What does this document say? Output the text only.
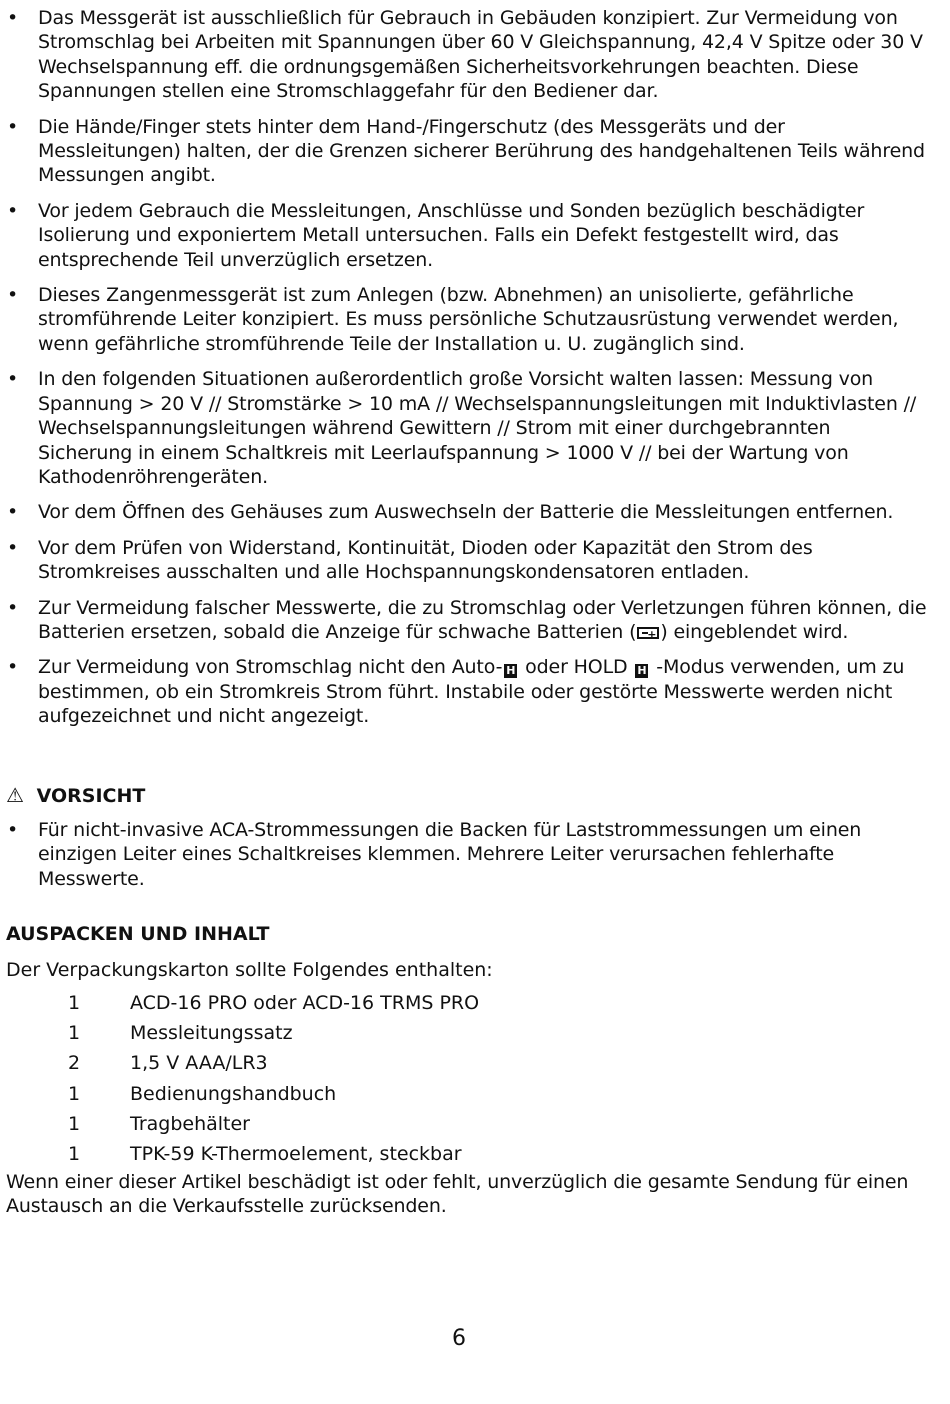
• Das Messgerät ist ausschließlich für Gebrauch in Gebäuden konzipiert. Zur Vermeidung von Stromschlag bei Arbeiten mit Spannungen über 60 V Gleichspannung, 42,4 V Spitze oder 30 V Wechselspannung eff. die ordnungsgemäßen Sicherheitsvorkehrungen beachten. Diese Spannungen stellen eine Stromschlaggefahr für den Bediener dar.
• Die Hände/Finger stets hinter dem Hand-/Fingerschutz (des Messgeräts und der Messleitungen) halten, der die Grenzen sicherer Berührung des handgehaltenen Teils während Messungen angibt.
• Vor jedem Gebrauch die Messleitungen, Anschlüsse und Sonden bezüglich beschädigter Isolierung und exponiertem Metall untersuchen. Falls ein Defekt festgestellt wird, das entsprechende Teil unverzüglich ersetzen.
• Dieses Zangenmessgerät ist zum Anlegen (bzw. Abnehmen) an unisolierte, gefährliche stromführende Leiter konzipiert. Es muss persönliche Schutzausrüstung verwendet werden, wenn gefährliche stromführende Teile der Installation u. U. zugänglich sind.
• In den folgenden Situationen außerordentlich große Vorsicht walten lassen: Messung von Spannung > 20 V // Stromstärke > 10 mA // Wechselspannungsleitungen mit Induktivlasten // Wechselspannungsleitungen während Gewittern // Strom mit einer durchgebrannten Sicherung in einem Schaltkreis mit Leerlaufspannung > 1000 V // bei der Wartung von Kathodenröhrengeräten.
• Vor dem Öffnen des Gehäuses zum Auswechseln der Batterie die Messleitungen entfernen.
• Vor dem Prüfen von Widerstand, Kontinuität, Dioden oder Kapazität den Strom des Stromkreises ausschalten und alle Hochspannungskondensatoren entladen.
• Zur Vermeidung falscher Messwerte, die zu Stromschlag oder Verletzungen führen können, die Batterien ersetzen, sobald die Anzeige für schwache Batterien (+ ) eingeblendet wird.
• Zur Vermeidung von Stromschlag nicht den Auto- H oder HOLD H -Modus verwenden, um zu bestimmen, ob ein Stromkreis Strom führt. Instabile oder gestörte Messwerte werden nicht aufgezeichnet und nicht angezeigt.
⚠ VORSICHT
• Für nicht-invasive ACA-Strommessungen die Backen für Laststrommessungen um einen einzigen Leiter eines Schaltkreises klemmen. Mehrere Leiter verursachen fehlerhafte Messwerte.
AUSPACKEN UND INHALT
Der Verpackungskarton sollte Folgendes enthalten:
1	ACD-16 PRO oder ACD-16 TRMS PRO
1	Messleitungssatz
2	1,5 V AAA/LR3
1	Bedienungshandbuch
1	Tragbehälter
1	TPK-59 K-Thermoelement, steckbar
Wenn einer dieser Artikel beschädigt ist oder fehlt, unverzüglich die gesamte Sendung für einen Austausch an die Verkaufsstelle zurücksenden.
6
